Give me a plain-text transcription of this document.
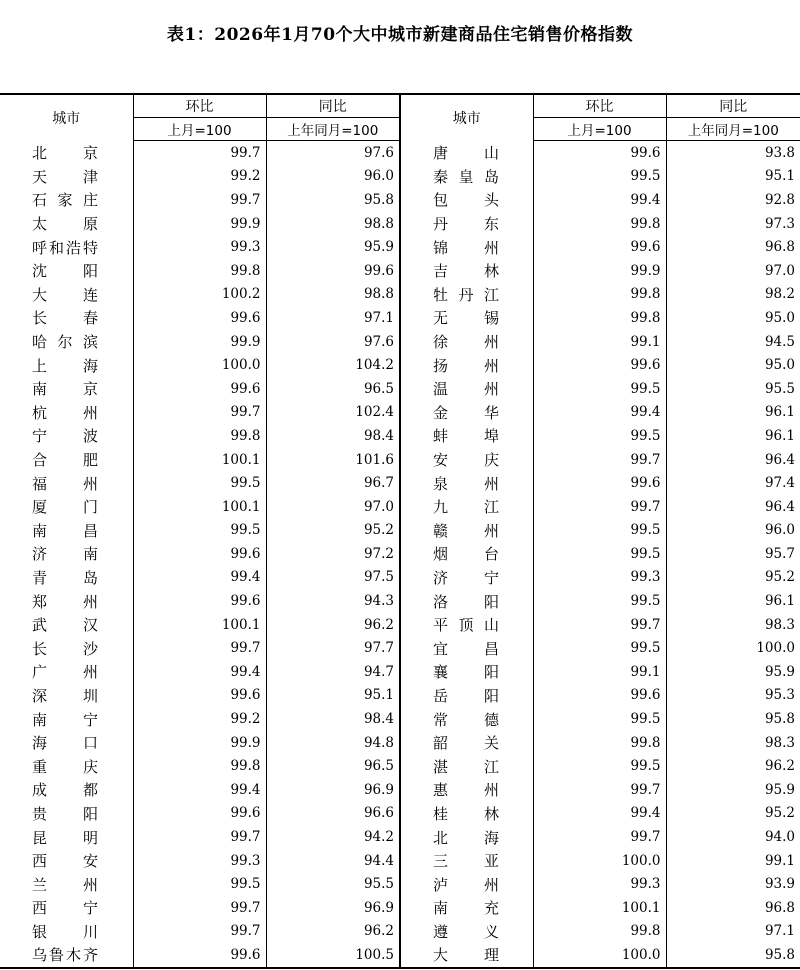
表1：2026年1月70个大中城市新建商品住宅销售价格指数
城市	环比	同比	城市	环比	同比
	上月=100	上年同月=100		上月=100	上年同月=100

北京	99.7	97.6	唐山	99.6	93.8

天津	99.2	96.0	秦皇岛	99.5	95.1

石家庄	99.7	95.8	包头	99.4	92.8

太原	99.9	98.8	丹东	99.8	97.3

呼和浩特	99.3	95.9	锦州	99.6	96.8

沈阳	99.8	99.6	吉林	99.9	97.0

大连	100.2	98.8	牡丹江	99.8	98.2

长春	99.6	97.1	无锡	99.8	95.0

哈尔滨	99.9	97.6	徐州	99.1	94.5

上海	100.0	104.2	扬州	99.6	95.0

南京	99.6	96.5	温州	99.5	95.5

杭州	99.7	102.4	金华	99.4	96.1

宁波	99.8	98.4	蚌埠	99.5	96.1

合肥	100.1	101.6	安庆	99.7	96.4

福州	99.5	96.7	泉州	99.6	97.4

厦门	100.1	97.0	九江	99.7	96.4

南昌	99.5	95.2	赣州	99.5	96.0

济南	99.6	97.2	烟台	99.5	95.7

青岛	99.4	97.5	济宁	99.3	95.2

郑州	99.6	94.3	洛阳	99.5	96.1

武汉	100.1	96.2	平顶山	99.7	98.3

长沙	99.7	97.7	宜昌	99.5	100.0

广州	99.4	94.7	襄阳	99.1	95.9

深圳	99.6	95.1	岳阳	99.6	95.3

南宁	99.2	98.4	常德	99.5	95.8

海口	99.9	94.8	韶关	99.8	98.3

重庆	99.8	96.5	湛江	99.5	96.2

成都	99.4	96.9	惠州	99.7	95.9

贵阳	99.6	96.6	桂林	99.4	95.2

昆明	99.7	94.2	北海	99.7	94.0

西安	99.3	94.4	三亚	100.0	99.1

兰州	99.5	95.5	泸州	99.3	93.9

西宁	99.7	96.9	南充	100.1	96.8

银川	99.7	96.2	遵义	99.8	97.1

乌鲁木齐	99.6	100.5	大理	100.0	95.8
